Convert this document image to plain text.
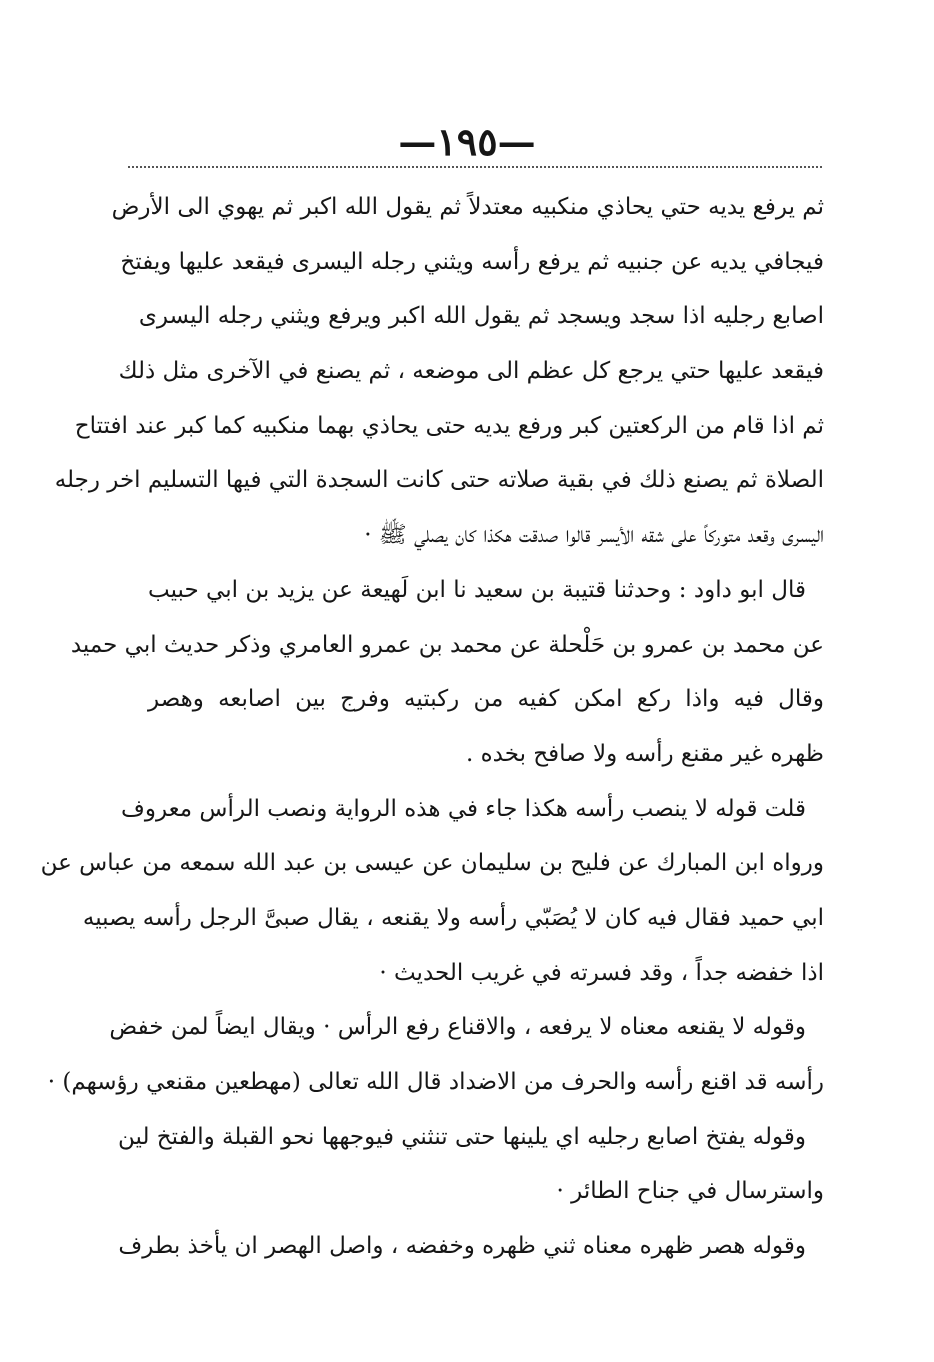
—١٩٥—
ثم يرفع يديه حتي يحاذي منكبيه معتدلاً ثم يقول الله اكبر ثم يهوي الى الأرض
فيجافي يديه عن جنبيه ثم يرفع رأسه ويثني رجله اليسرى فيقعد عليها ويفتخ
اصابع رجليه اذا سجد ويسجد ثم يقول الله اكبر ويرفع ويثني رجله اليسرى
فيقعد عليها حتي يرجع كل عظم الى موضعه ، ثم يصنع في الآخرى مثل ذلك
ثم اذا قام من الركعتين كبر ورفع يديه حتى يحاذي بهما منكبيه كما كبر عند افتتاح
الصلاة ثم يصنع ذلك في بقية صلاته حتى كانت السجدة التي فيها التسليم اخر رجله
اليسرى وقعد متوركاً على شقه الأيسر قالوا صدقت هكذا كان يصلي ﷺ ·
قال ابو داود : وحدثنا قتيبة بن سعيد نا ابن لَهيعة عن يزيد بن ابي حبيب
عن محمد بن عمرو بن حَلْحلة عن محمد بن عمرو العامري وذكر حديث ابي حميد
وقال فيه واذا ركع امكن كفيه من ركبتيه وفرج بين اصابعه وهصر
ظهره غير مقنع رأسه ولا صافح بخده .
قلت قوله لا ينصب رأسه هكذا جاء في هذه الرواية ونصب الرأس معروف
ورواه ابن المبارك عن فليح بن سليمان عن عيسى بن عبد الله سمعه من عباس عن
ابي حميد فقال فيه كان لا يُصَبّي رأسه ولا يقنعه ، يقال صبىَّ الرجل رأسه يصبيه
اذا خفضه جداً ، وقد فسرته في غريب الحديث ·
وقوله لا يقنعه معناه لا يرفعه ، والاقناع رفع الرأس · ويقال ايضاً لمن خفض
رأسه قد اقنع رأسه والحرف من الاضداد قال الله تعالى (مهطعين مقنعي رؤسهم) ·
وقوله يفتخ اصابع رجليه اي يلينها حتى تنثني فيوجهها نحو القبلة والفتخ لين
واسترسال في جناح الطائر ·
وقوله هصر ظهره معناه ثني ظهره وخفضه ، واصل الهصر ان يأخذ بطرف
